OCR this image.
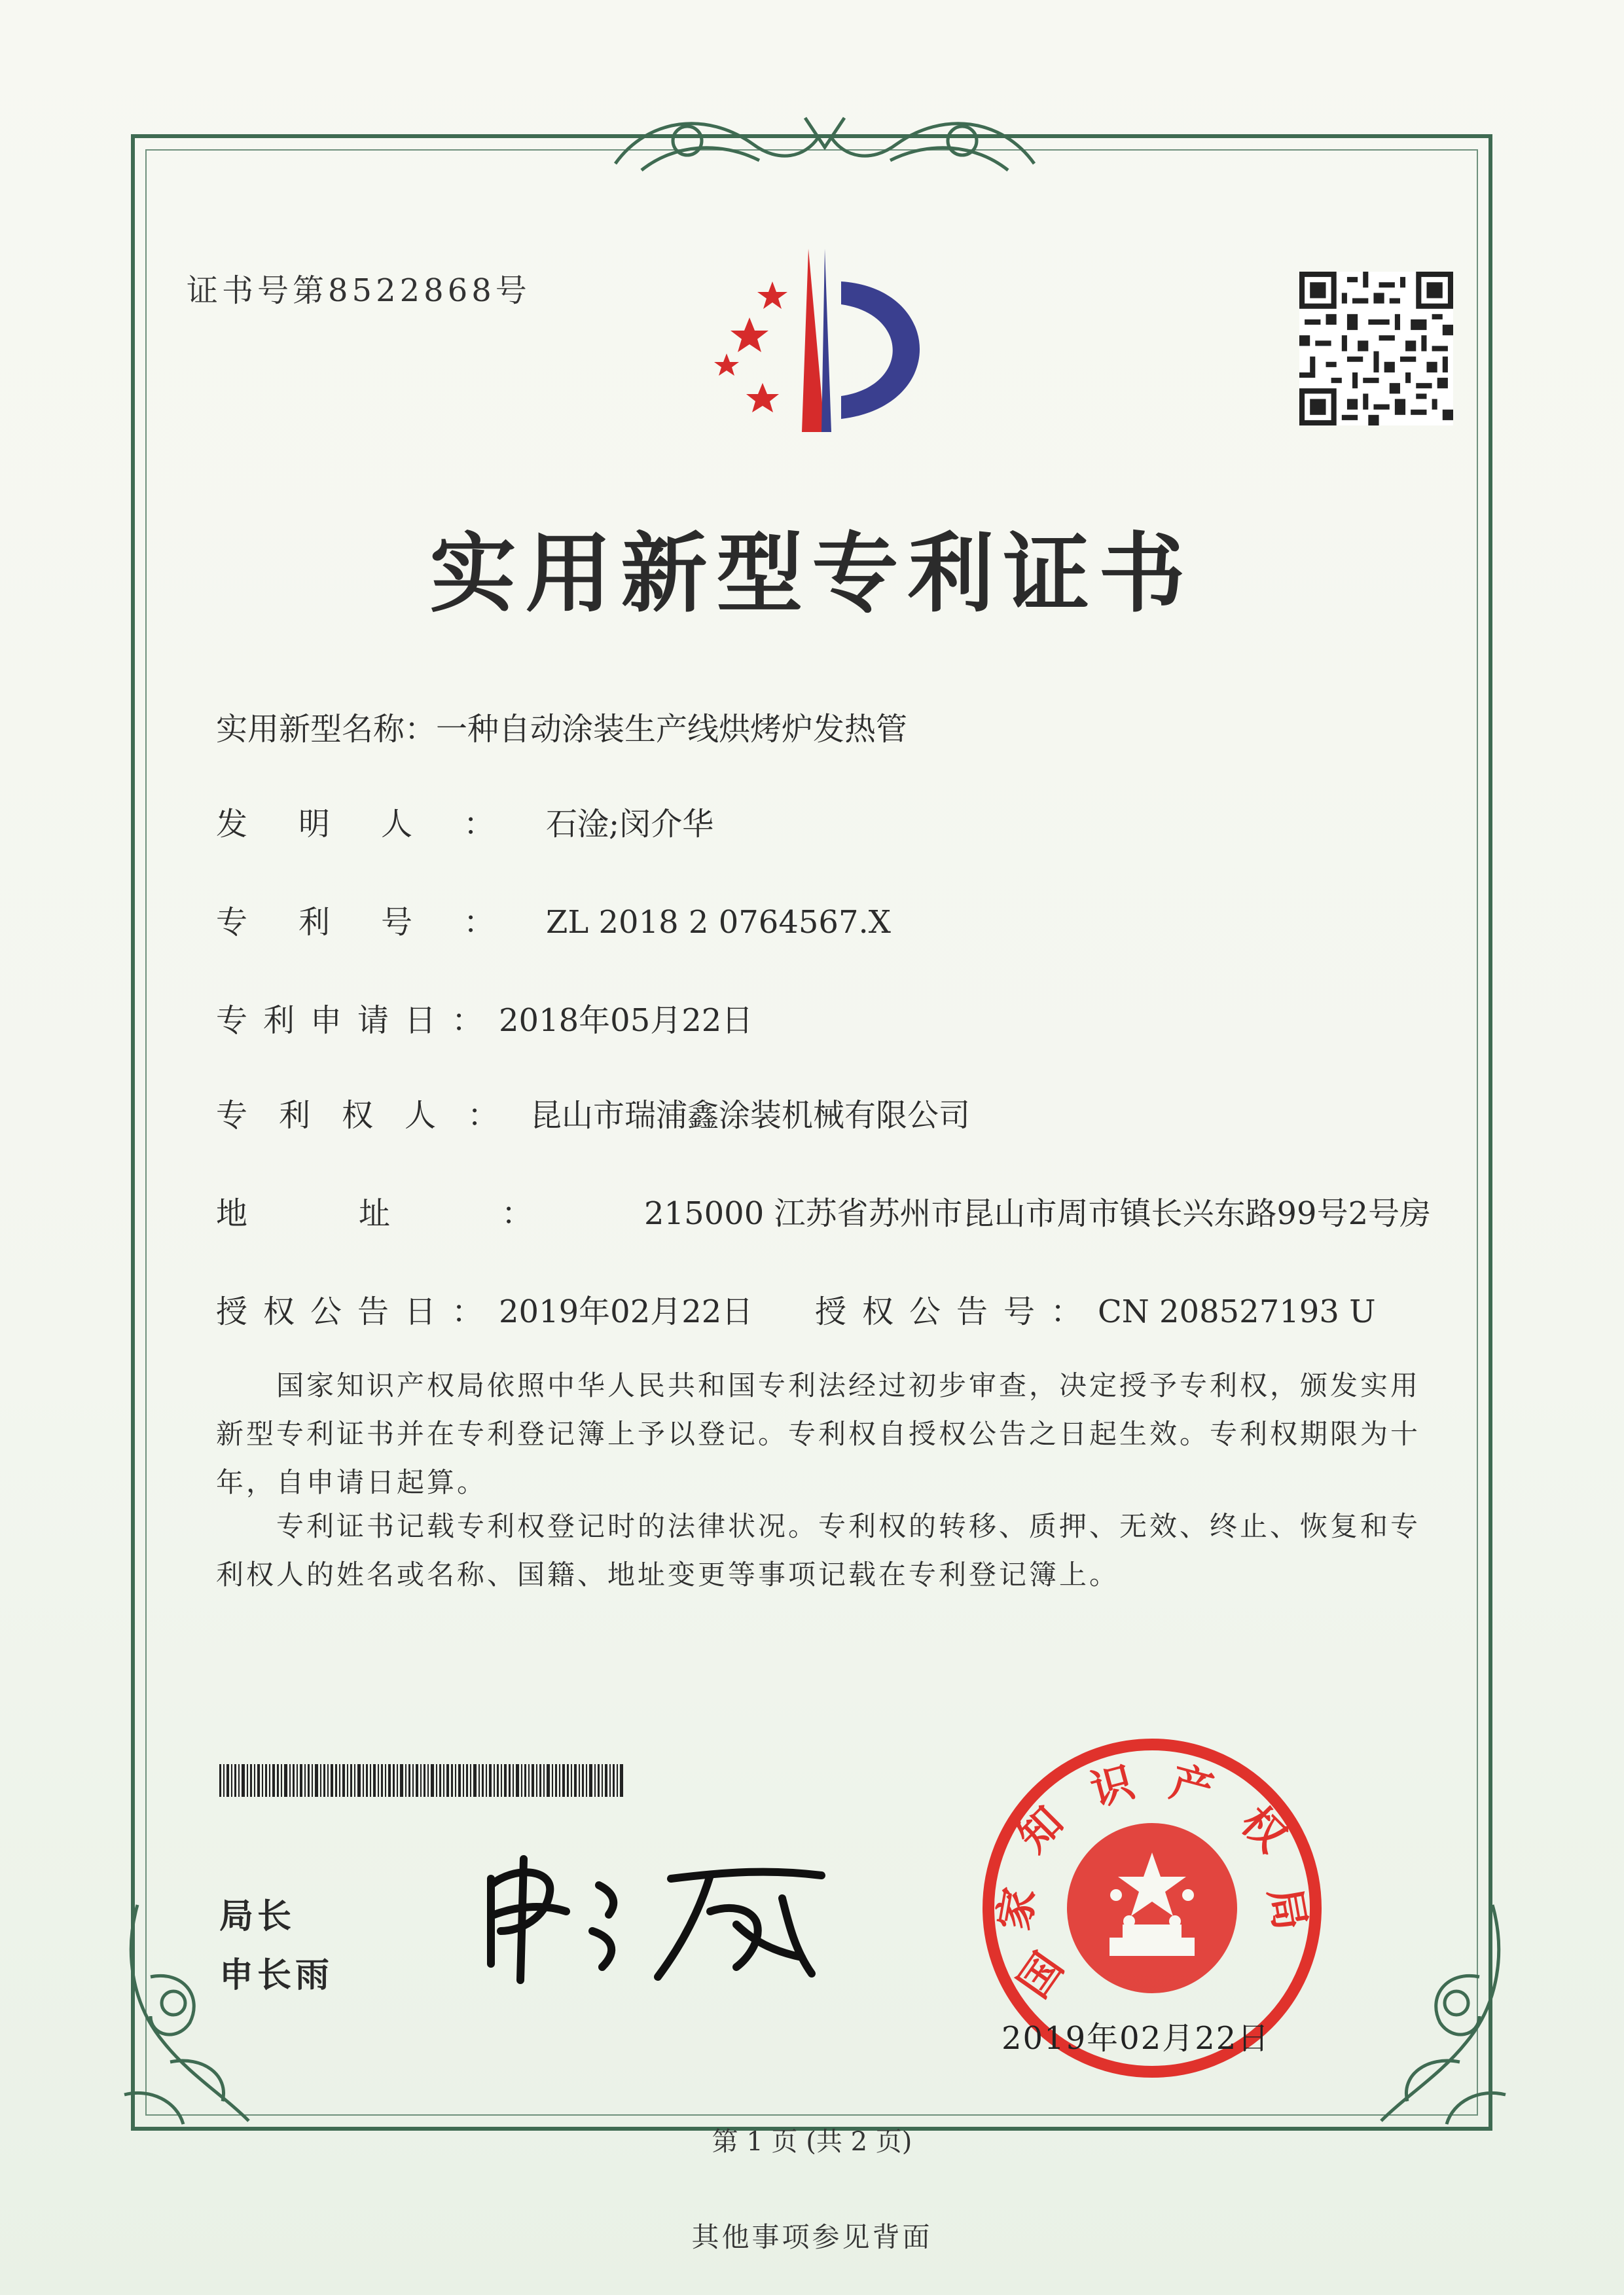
证书号第8522868号
实用新型专利证书
实用新型名称：一种自动涂装生产线烘烤炉发热管
发明人：石淦;闵介华
专利号：ZL 2018 2 0764567.X
专利申请日：2018年05月22日
专利权人：昆山市瑞浦鑫涂装机械有限公司
地址：215000 江苏省苏州市昆山市周市镇长兴东路99号2号房
授权公告日：2019年02月22日 授权公告号：CN 208527193 U
国家知识产权局依照中华人民共和国专利法经过初步审查，决定授予专利权，颁发实用新型专利证书并在专利登记簿上予以登记。专利权自授权公告之日起生效。专利权期限为十年，自申请日起算。
专利证书记载专利权登记时的法律状况。专利权的转移、质押、无效、终止、恢复和专利权人的姓名或名称、国籍、地址变更等事项记载在专利登记簿上。
局长
申长雨	国
家
知
识 产
权
局
2019年02月22日
第 1 页 (共 2 页)
其他事项参见背面
